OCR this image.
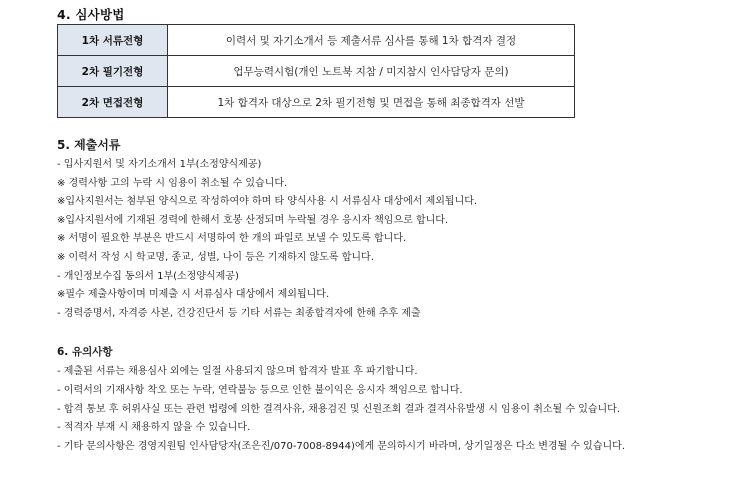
4. 심사방법
1차 서류전형	이력서 및 자기소개서 등 제출서류 심사를 통해 1차 합격자 결정
2차 필기전형	업무능력시험(개인 노트북 지참 / 미지참시 인사담당자 문의)
2차 면접전형	1차 합격자 대상으로 2차 필기전형 및 면접을 통해 최종합격자 선발
5. 제출서류
- 입사지원서 및 자기소개서 1부(소정양식제공)
※ 경력사항 고의 누락 시 임용이 취소될 수 있습니다.
※입사지원서는 첨부된 양식으로 작성하여야 하며 타 양식사용 시 서류심사 대상에서 제외됩니다.
※입사지원서에 기재된 경력에 한해서 호봉 산정되며 누락될 경우 응시자 책임으로 합니다.
※ 서명이 필요한 부분은 반드시 서명하여 한 개의 파일로 보낼 수 있도록 합니다.
※ 이력서 작성 시 학교명, 종교, 성별, 나이 등은 기재하지 않도록 합니다.
- 개인정보수집 동의서 1부(소정양식제공)
※필수 제출사항이며 미제출 시 서류심사 대상에서 제외됩니다.
- 경력증명서, 자격증 사본, 건강진단서 등 기타 서류는 최종합격자에 한해 추후 제출
6. 유의사항
- 제출된 서류는 채용심사 외에는 일절 사용되지 않으며 합격자 발표 후 파기합니다.
- 이력서의 기재사항 착오 또는 누락, 연락불능 등으로 인한 불이익은 응시자 책임으로 합니다.
- 합격 통보 후 허위사실 또는 관련 법령에 의한 결격사유, 채용검진 및 신원조회 결과 결격사유발생 시 임용이 취소될 수 있습니다.
- 적격자 부재 시 채용하지 않을 수 있습니다.
- 기타 문의사항은 경영지원팀 인사담당자(조은진/070-7008-8944)에게 문의하시기 바라며, 상기일정은 다소 변경될 수 있습니다.
